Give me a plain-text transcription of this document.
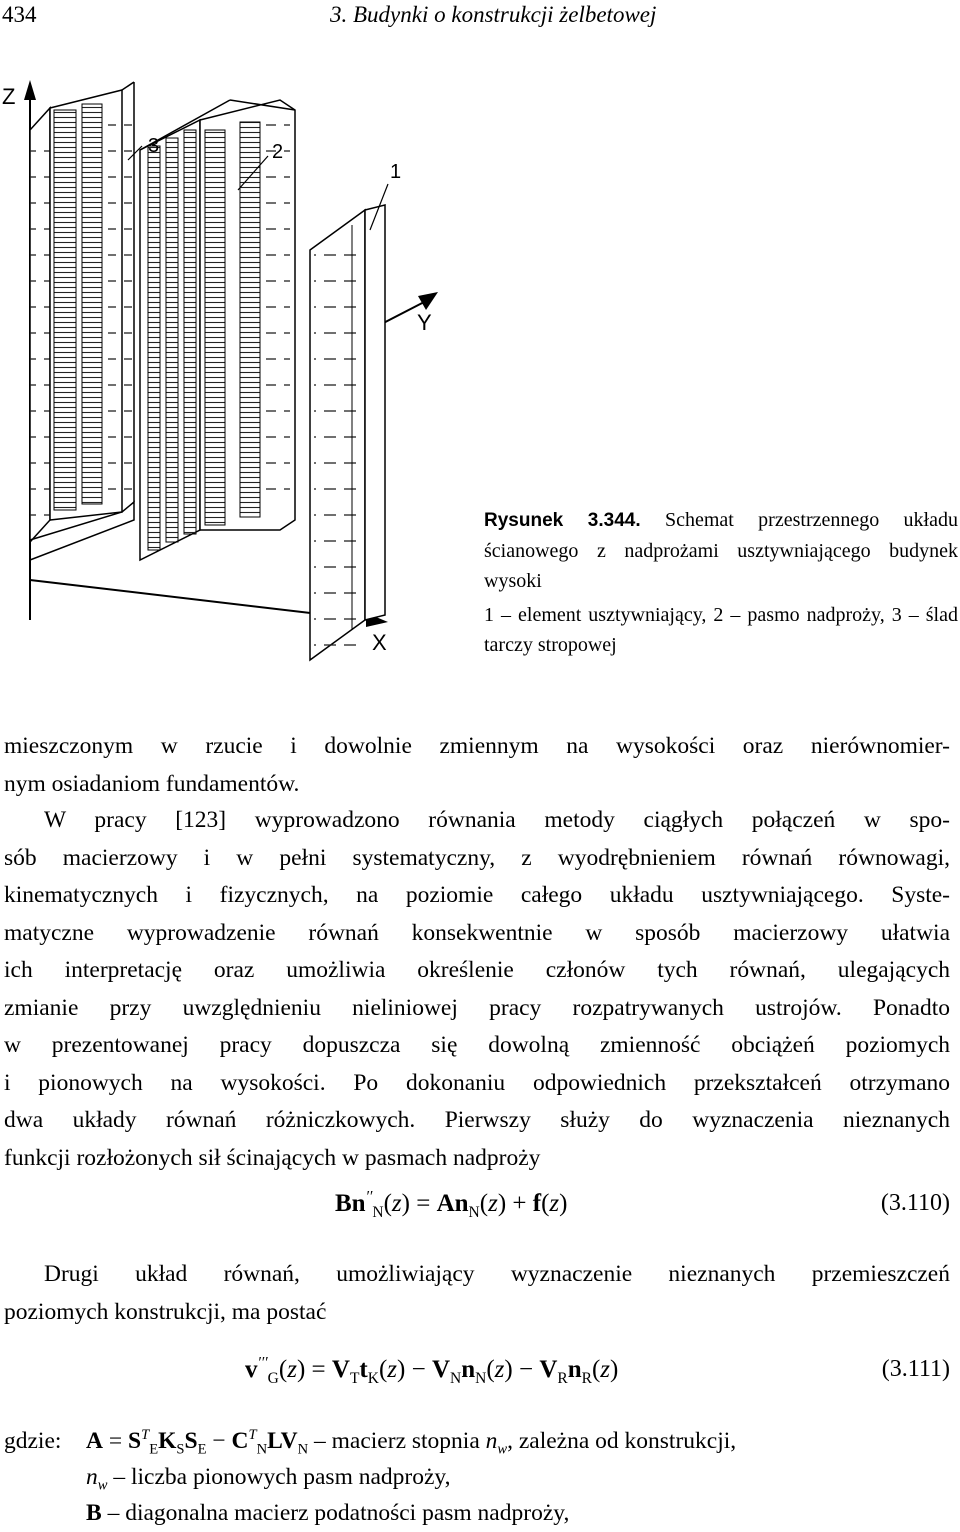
434	3. Budynki o konstrukcji żelbetowej
Z
X
Y
3	2
1

Rysunek 3.344. Schemat przestrzennego układu ścianowego z nadprożami usztywniającego budynek wysoki

1 – element usztywniający, 2 – pasmo nadproży, 3 – ślad tarczy stropowej

mieszczonym w rzucie i dowolnie zmiennym na wysokości oraz nierównomier-
nym osiadaniom fundamentów.
W pracy [123] wyprowadzono równania metody ciągłych połączeń w spo-
sób macierzowy i w pełni systematyczny, z wyodrębnieniem równań równowagi,
kinematycznych i fizycznych, na poziomie całego układu usztywniającego. Syste-
matyczne wyprowadzenie równań konsekwentnie w sposób macierzowy ułatwia
ich interpretację oraz umożliwia określenie członów tych równań, ulegających
zmianie przy uwzględnieniu nieliniowej pracy rozpatrywanych ustrojów. Ponadto
w prezentowanej pracy dopuszcza się dowolną zmienność obciążeń poziomych
i pionowych na wysokości. Po dokonaniu odpowiednich przekształceń otrzymano
dwa układy równań różniczkowych. Pierwszy służy do wyznaczenia nieznanych
funkcji rozłożonych sił ścinających w pasmach nadproży
$Bn''_N(z) = An_N(z) + f(z)$	(3.110)
Drugi układ równań, umożliwiający wyznaczenie nieznanych przemieszczeń
poziomych konstrukcji, ma postać
$v'''_G(z) = V_Tt_K(z) - V_Nn_N(z) - V_Rn_R(z)$	(3.111)
gdzie: $A = S^T_EK_SS_E - C^T_NLV_N$ – macierz stopnia $n_w$, zależna od konstrukcji,
$n_w$ – liczba pionowych pasm nadproży,
B – diagonalna macierz podatności pasm nadproży,
